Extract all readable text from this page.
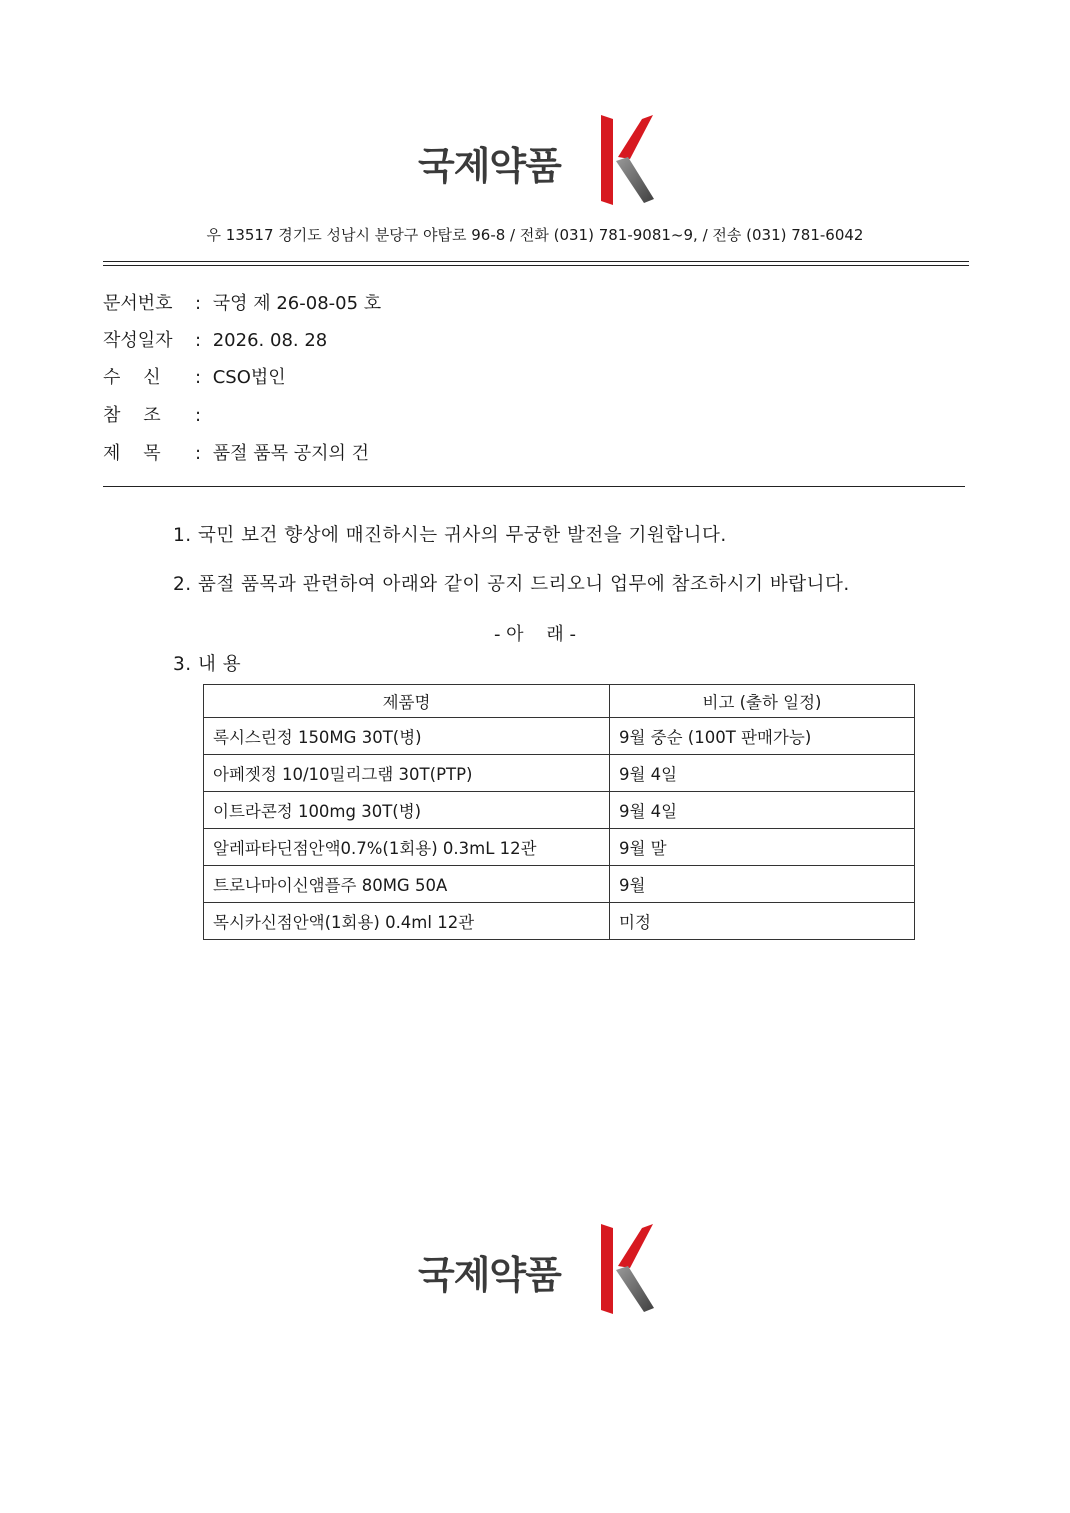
국제약품
우 13517 경기도 성남시 분당구 야탑로 96-8 / 전화 (031) 781-9081~9, / 전송 (031) 781-6042
문서번호 : 국영 제 26-08-05 호
작성일자 : 2026. 08. 28
수    신 : CSO법인
참    조 :
제    목 : 품절 품목 공지의 건
1. 국민 보건 향상에 매진하시는 귀사의 무궁한 발전을 기원합니다.
2. 품절 품목과 관련하여 아래와 같이 공지 드리오니 업무에 참조하시기 바랍니다.
- 아    래 -
3. 내 용
제품명	비고 (출하 일정)
록시스린정 150MG 30T(병)	9월 중순 (100T 판매가능)
아페젯정 10/10밀리그램 30T(PTP)	9월 4일
이트라콘정 100mg 30T(병)	9월 4일
알레파타딘점안액0.7%(1회용) 0.3mL 12관	9월 말
트로나마이신앰플주 80MG 50A	9월
목시카신점안액(1회용) 0.4ml 12관	미정
국제약품
